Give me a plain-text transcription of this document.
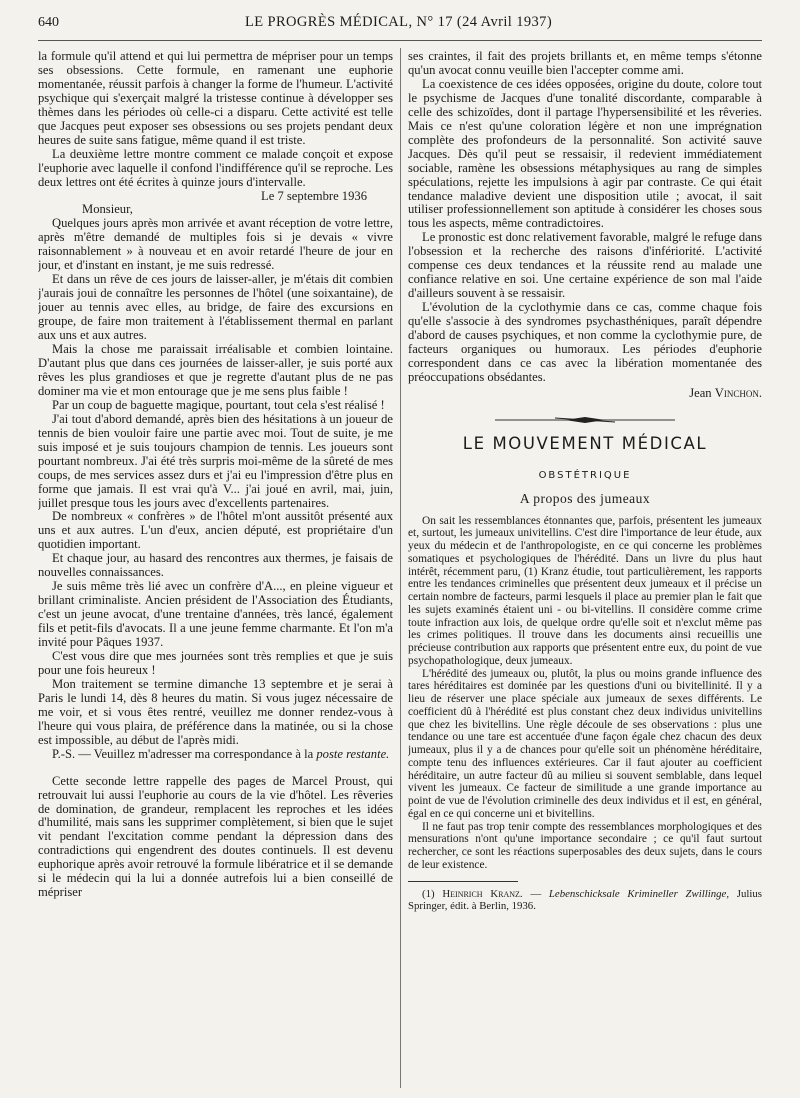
640	LE PROGRÈS MÉDICAL, N° 17 (24 Avril 1937)

la formule qu'il attend et qui lui permettra de mépriser pour un temps ses obsessions. Cette formule, en ramenant une euphorie momentanée, réussit parfois à changer la forme de l'humeur. L'activité psychique qui s'exerçait malgré la tristesse continue à développer ses thèmes dans les périodes où celle-ci a disparu. Cette activité est telle que Jacques peut exposer ses obsessions ou ses projets pendant deux heures de suite sans fatigue, même quand il est triste.

La deuxième lettre montre comment ce malade conçoit et expose l'euphorie avec laquelle il confond l'indifférence qu'il se reproche. Les deux lettres ont été écrites à quinze jours d'intervalle.

Le 7 septembre 1936

Monsieur,

Quelques jours après mon arrivée et avant réception de votre lettre, après m'être demandé de multiples fois si je devais « vivre raisonnablement » à nouveau et en avoir retardé l'heure de jour en jour, et d'instant en instant, je me suis redressé.

Et dans un rêve de ces jours de laisser-aller, je m'étais dit combien j'aurais joui de connaître les personnes de l'hôtel (une soixantaine), de jouer au tennis avec elles, au bridge, de faire des excursions en groupe, de faire mon traitement à l'établissement thermal en parlant aux uns et aux autres.

Mais la chose me paraissait irréalisable et combien lointaine. D'autant plus que dans ces journées de laisser-aller, je suis porté aux rêves les plus grandioses et que je regrette d'autant plus de ne pas dominer ma vie et mon entourage que je me sens plus faible !

Par un coup de baguette magique, pourtant, tout cela s'est réalisé !

J'ai tout d'abord demandé, après bien des hésitations à un joueur de tennis de bien vouloir faire une partie avec moi. Tout de suite, je me suis imposé et je suis toujours champion de tennis. Les joueurs sont pourtant nombreux. J'ai été très surpris moi-même de la sûreté de mes coups, de mes services assez durs et j'ai eu l'impression d'être plus en forme que jamais. Il est vrai qu'à V... j'ai joué en avril, mai, juin, juillet presque tous les jours avec d'excellents partenaires.

De nombreux « confrères » de l'hôtel m'ont aussitôt présenté aux uns et aux autres. L'un d'eux, ancien député, est propriétaire d'un quotidien important.

Et chaque jour, au hasard des rencontres aux thermes, je faisais de nouvelles connaissances.

Je suis même très lié avec un confrère d'A..., en pleine vigueur et brillant criminaliste. Ancien président de l'Association des Étudiants, c'est un jeune avocat, d'une trentaine d'années, très lancé, également fils et petit-fils d'avocats. Il a une jeune femme charmante. Et l'on m'a invité pour Pâques 1937.

C'est vous dire que mes journées sont très remplies et que je suis pour une fois heureux !

Mon traitement se termine dimanche 13 septembre et je serai à Paris le lundi 14, dès 8 heures du matin. Si vous jugez nécessaire de me voir, et si vous êtes rentré, veuillez me donner rendez-vous à l'heure qui vous plaira, de préférence dans la matinée, ou si la chose est impossible, au début de l'après midi.

P.-S. — Veuillez m'adresser ma correspondance à la poste restante.

Cette seconde lettre rappelle des pages de Marcel Proust, qui retrouvait lui aussi l'euphorie au cours de la vie d'hôtel. Les rêveries de domination, de grandeur, remplacent les reproches et les idées d'humilité, mais sans les supprimer complètement, si bien que le sujet vit pendant l'excitation comme pendant la dépression dans des contradictions qui engendrent des doutes continuels. Il est devenu euphorique après avoir retrouvé la formule libératrice et il se demande si le médecin qui la lui a donnée autrefois lui a bien conseillé de mépriser

ses craintes, il fait des projets brillants et, en même temps s'étonne qu'un avocat connu veuille bien l'accepter comme ami.

La coexistence de ces idées opposées, origine du doute, colore tout le psychisme de Jacques d'une tonalité discordante, comparable à celle des schizoïdes, dont il partage l'hypersensibilité et les rêveries. Mais ce n'est qu'une coloration légère et non une imprégnation complète des profondeurs de la personnalité. Son activité sauve Jacques. Dès qu'il peut se ressaisir, il redevient immédiatement sociable, ramène les obsessions métaphysiques au rang de simples spéculations, rejette les impulsions à agir par contraste. Ce qui était tendance maladive devient une disposition utile ; avocat, il sait utiliser professionnellement son aptitude à considérer les choses sous tous les aspects, même contradictoires.

Le pronostic est donc relativement favorable, malgré le refuge dans l'obsession et la recherche des raisons d'infériorité. L'activité compense ces deux tendances et la réussite rend au malade une confiance relative en soi. Une certaine expérience de son mal l'aide d'ailleurs souvent à se ressaisir.

L'évolution de la cyclothymie dans ce cas, comme chaque fois qu'elle s'associe à des syndromes psychasthéniques, paraît dépendre d'abord de causes psychiques, et non comme la cyclothymie pure, de facteurs organiques ou humoraux. Les périodes d'euphorie correspondent dans ce cas avec la libération momentanée des préoccupations obsédantes.

Jean Vinchon.
LE MOUVEMENT MÉDICAL
OBSTÉTRIQUE
A propos des jumeaux

On sait les ressemblances étonnantes que, parfois, présentent les jumeaux et, surtout, les jumeaux univitellins. C'est dire l'importance de leur étude, aux yeux du médecin et de l'anthropologiste, en ce qui concerne les problèmes somatiques et psychologiques de l'hérédité. Dans un livre du plus haut intérêt, récemment paru, (1) Kranz étudie, tout particulièrement, les rapports entre les tendances criminelles que présentent deux jumeaux et il précise un certain nombre de facteurs, parmi lesquels il place au premier plan le fait que les sujets examinés étaient uni - ou bi-vitellins. Il considère comme crime toute infraction aux lois, de quelque ordre qu'elle soit et n'exclut même pas les crimes politiques. Il trouve dans les documents ainsi recueillis une précieuse contribution aux rapports que présentent entre eux, du point de vue psychopathologique, deux jumeaux.

L'hérédité des jumeaux ou, plutôt, la plus ou moins grande influence des tares héréditaires est dominée par les questions d'uni ou bivitellinité. Il y a lieu de réserver une place spéciale aux jumeaux de sexes différents. Le coefficient dû à l'hérédité est plus constant chez deux individus univitellins que chez les bivitellins. Une règle découle de ses observations : plus une tendance ou une tare est accentuée d'une façon égale chez chacun des deux jumeaux, plus il y a de chances pour qu'elle soit un phénomène héréditaire, compte tenu des influences extérieures. Car il faut ajouter au coefficient héréditaire, un autre facteur dû au milieu si souvent semblable, dans lequel vivent les jumeaux. Ce facteur de similitude a une grande importance au point de vue de l'évolution criminelle des deux individus et il est, en général, égal en ce qui concerne uni et bivitellins.

Il ne faut pas trop tenir compte des ressemblances morphologiques et des mensurations n'ont qu'une importance secondaire ; ce qu'il faut surtout rechercher, ce sont les réactions superposables des deux sujets, dans le cours de leur existence.

(1) Heinrich Kranz. — Lebenschicksale Krimineller Zwillinge, Julius Springer, édit. à Berlin, 1936.
